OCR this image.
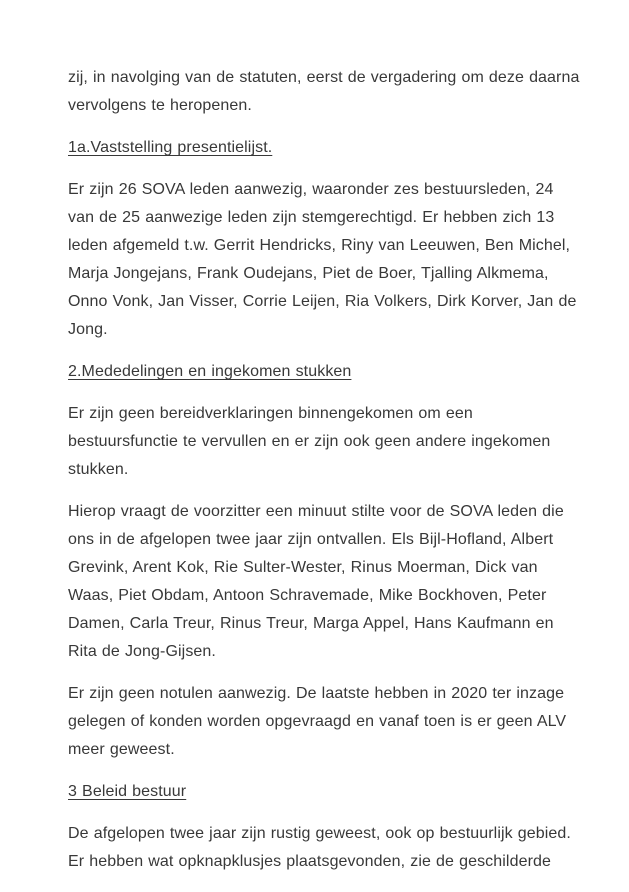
zij, in navolging van de statuten, eerst de vergadering om deze daarna vervolgens te heropenen.

1a.Vaststelling presentielijst.

Er zijn 26 SOVA leden aanwezig, waaronder zes bestuursleden, 24 van de 25 aanwezige leden zijn stemgerechtigd. Er hebben zich 13 leden afgemeld t.w. Gerrit Hendricks, Riny van Leeuwen, Ben Michel, Marja Jongejans, Frank Oudejans, Piet de Boer, Tjalling Alkmema, Onno Vonk, Jan Visser, Corrie Leijen, Ria Volkers, Dirk Korver, Jan de Jong.

2.Mededelingen en ingekomen stukken

Er zijn geen bereidverklaringen binnengekomen om een bestuursfunctie te vervullen en er zijn ook geen andere ingekomen stukken.

Hierop vraagt de voorzitter een minuut stilte voor de SOVA leden die ons in de afgelopen twee jaar zijn ontvallen. Els Bijl-Hofland, Albert Grevink, Arent Kok, Rie Sulter-Wester, Rinus Moerman, Dick van Waas, Piet Obdam, Antoon Schravemade, Mike Bockhoven, Peter Damen, Carla Treur, Rinus Treur, Marga Appel, Hans Kaufmann en Rita de Jong-Gijsen.

Er zijn geen notulen aanwezig. De laatste hebben in 2020 ter inzage gelegen of konden worden opgevraagd en vanaf toen is er geen ALV meer geweest.

3 Beleid bestuur

De afgelopen twee jaar zijn rustig geweest, ook op bestuurlijk gebied. Er hebben wat opknapklusjes plaatsgevonden, zie de geschilderde
